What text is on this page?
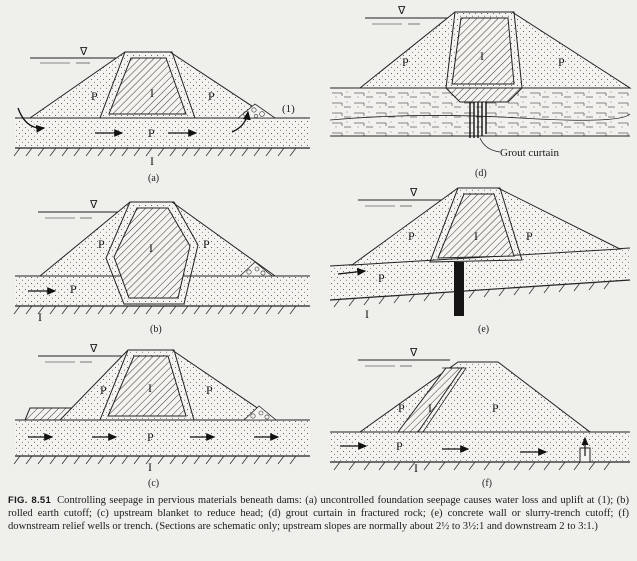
∇
P	I	P
P
I
(1)
(a)
∇
P	I	P
P
I
(b)
∇
P	I	P
P
I
(c)
∇
P	I	P
Grout curtain
(d)
∇
P	I	P
P
I
(e)
∇
P I	P
P
I
(f)
FIG. 8.51 Controlling seepage in pervious materials beneath dams: (a) uncontrolled foundation seepage causes water loss and uplift at (1); (b) rolled earth cutoff; (c) upstream blanket to reduce head; (d) grout curtain in fractured rock; (e) concrete wall or slurry-trench cutoff; (f) downstream relief wells or trench. (Sections are schematic only; upstream slopes are normally about 2½ to 3½:1 and downstream 2 to 3:1.)
